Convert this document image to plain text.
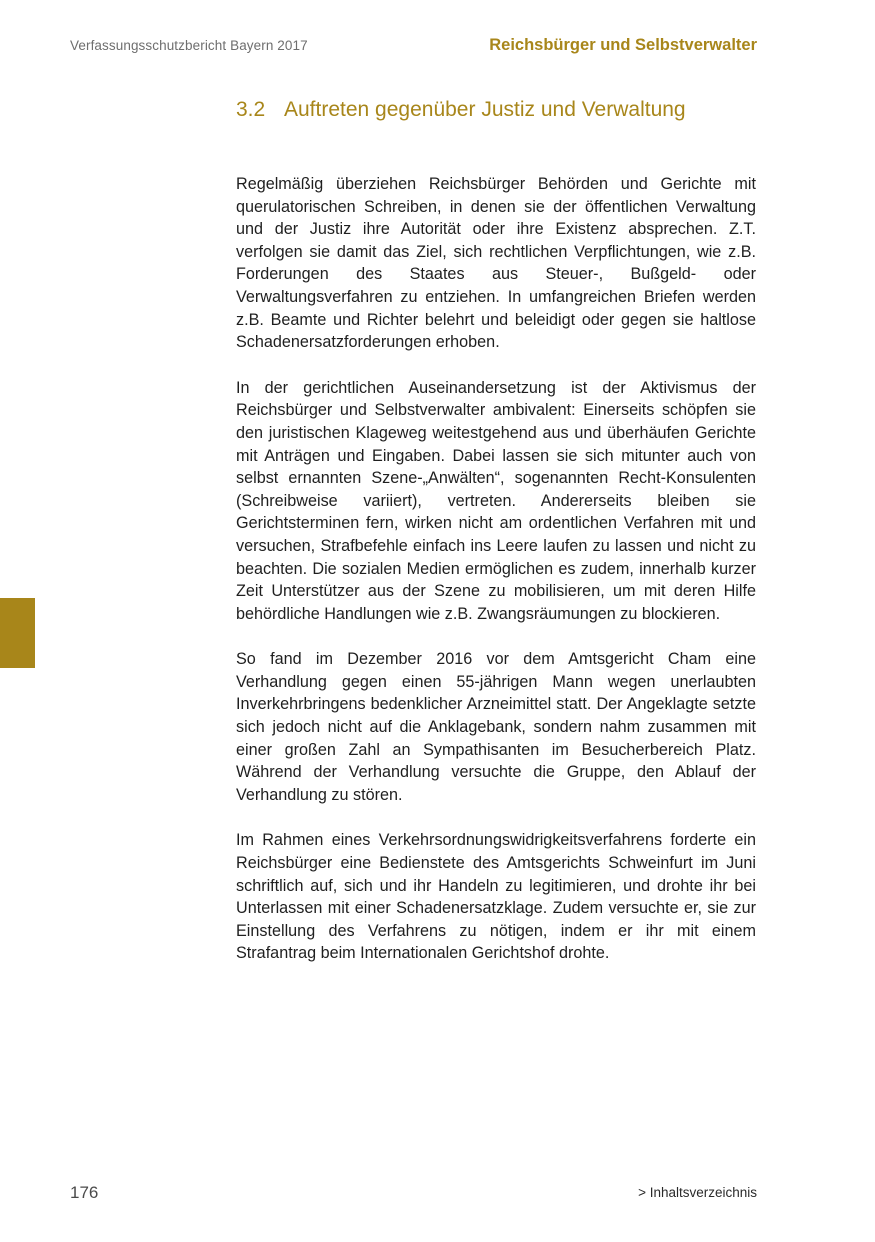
Verfassungsschutzbericht Bayern 2017	Reichsbürger und Selbstverwalter
3.2 Auftreten gegenüber Justiz und Verwaltung

Regelmäßig überziehen Reichsbürger Behörden und Gerichte mit querulatorischen Schreiben, in denen sie der öffentlichen Verwaltung und der Justiz ihre Autorität oder ihre Existenz absprechen. Z.T. verfolgen sie damit das Ziel, sich rechtlichen Verpflichtungen, wie z.B. Forderungen des Staates aus Steuer-, Bußgeld- oder Verwaltungsverfahren zu entziehen. In umfangreichen Briefen werden z.B. Beamte und Richter belehrt und beleidigt oder gegen sie haltlose Schadenersatzforderungen erhoben.

In der gerichtlichen Auseinandersetzung ist der Aktivismus der Reichsbürger und Selbstverwalter ambivalent: Einerseits schöpfen sie den juristischen Klageweg weitestgehend aus und überhäufen Gerichte mit Anträgen und Eingaben. Dabei lassen sie sich mitunter auch von selbst ernannten Szene-„Anwälten“, sogenannten Recht-Konsulenten (Schreibweise variiert), vertreten. Andererseits bleiben sie Gerichtsterminen fern, wirken nicht am ordentlichen Verfahren mit und versuchen, Strafbefehle einfach ins Leere laufen zu lassen und nicht zu beachten. Die sozialen Medien ermöglichen es zudem, innerhalb kurzer Zeit Unterstützer aus der Szene zu mobilisieren, um mit deren Hilfe behördliche Handlungen wie z.B. Zwangsräumungen zu blockieren.

So fand im Dezember 2016 vor dem Amtsgericht Cham eine Verhandlung gegen einen 55-jährigen Mann wegen unerlaubten Inverkehrbringens bedenklicher Arzneimittel statt. Der Angeklagte setzte sich jedoch nicht auf die Anklagebank, sondern nahm zusammen mit einer großen Zahl an Sympathisanten im Besucherbereich Platz. Während der Verhandlung versuchte die Gruppe, den Ablauf der Verhandlung zu stören.

Im Rahmen eines Verkehrsordnungswidrigkeitsverfahrens forderte ein Reichsbürger eine Bedienstete des Amtsgerichts Schweinfurt im Juni schriftlich auf, sich und ihr Handeln zu legitimieren, und drohte ihr bei Unterlassen mit einer Schadenersatzklage. Zudem versuchte er, sie zur Einstellung des Verfahrens zu nötigen, indem er ihr mit einem Strafantrag beim Internationalen Gerichtshof drohte.

176	> Inhaltsverzeichnis
